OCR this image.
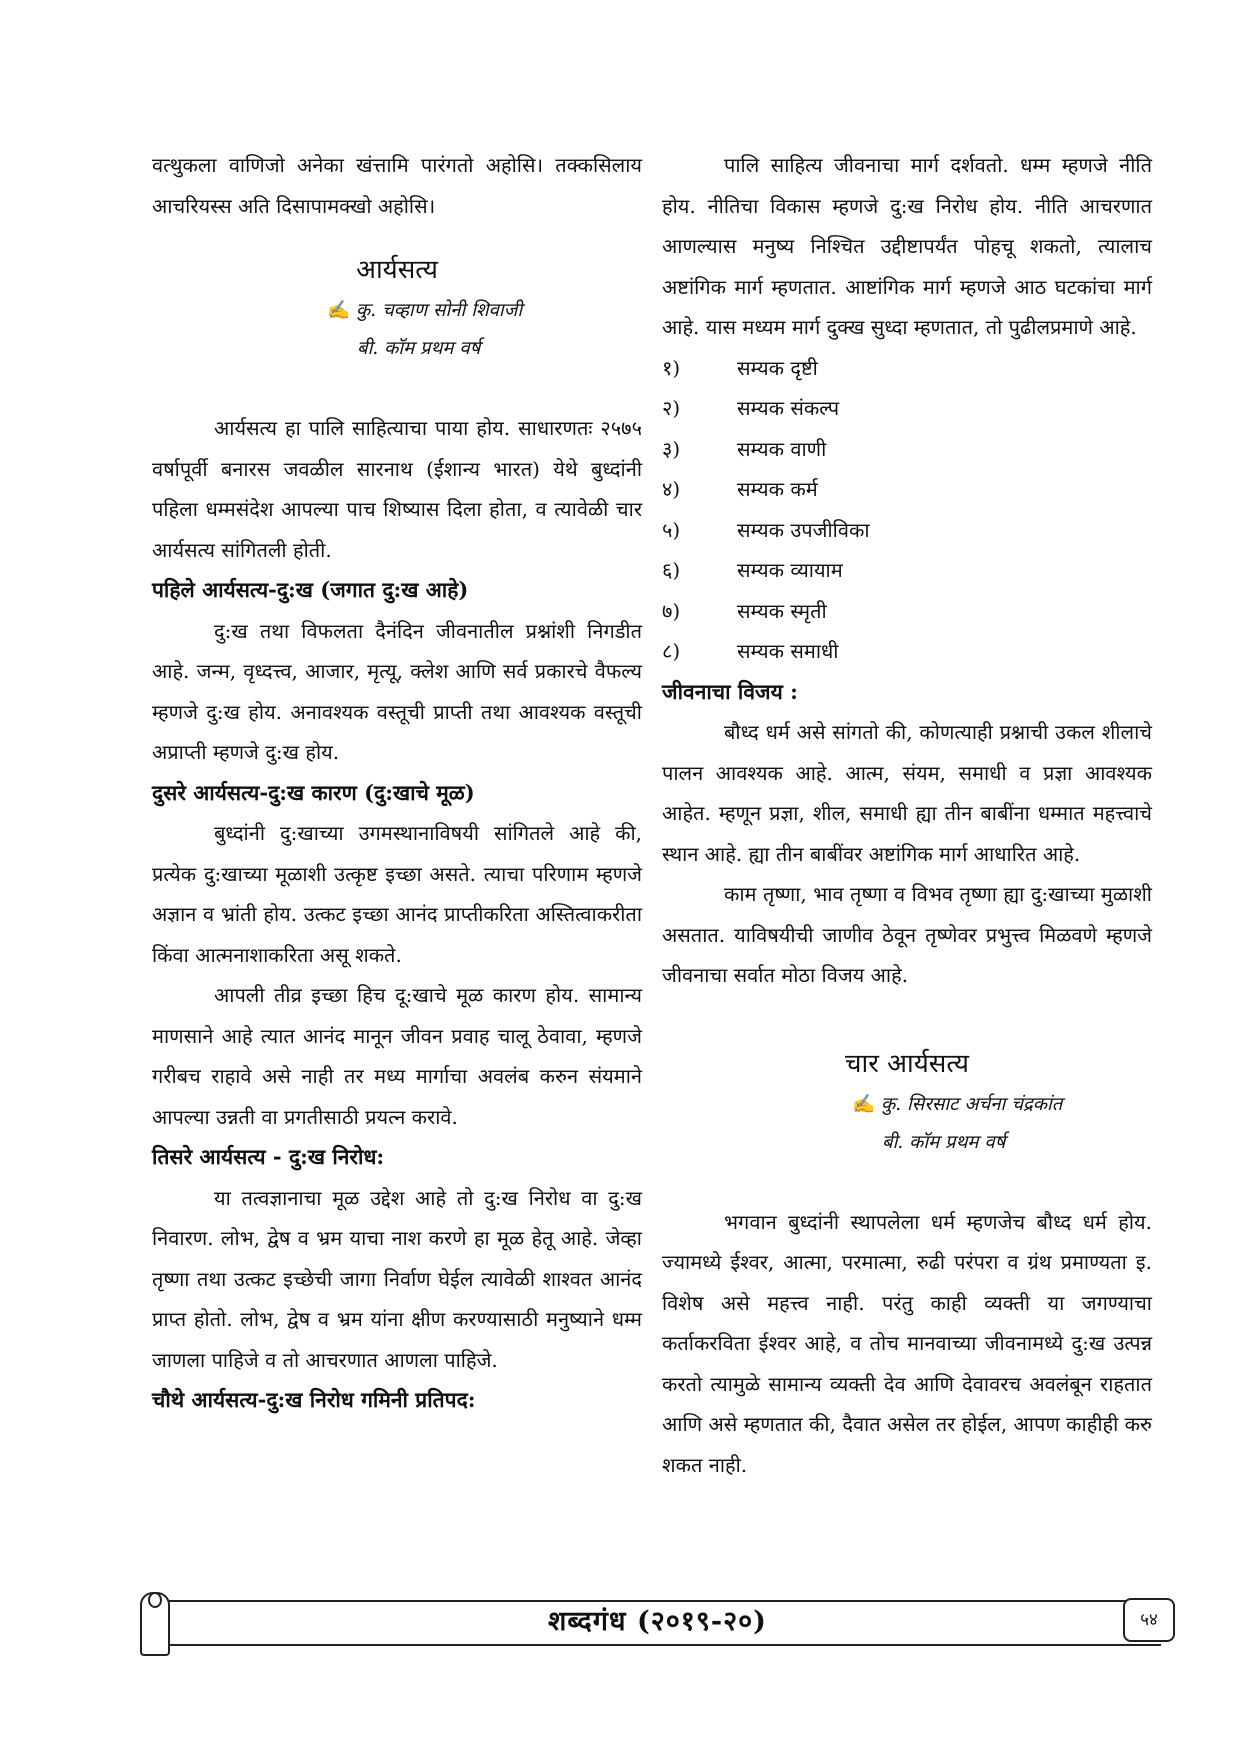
वत्थुकला वाणिजो अनेका खंत्तामि पारंगतो अहोसि। तक्कसिलाय आचरियस्स अति दिसापामक्खो अहोसि।

आर्यसत्य

✍ कु. चव्हाण सोनी शिवाजी

बी. कॉम प्रथम वर्ष

आर्यसत्य हा पालि साहित्याचा पाया होय. साधारणतः २५७५ वर्षापूर्वी बनारस जवळील सारनाथ (ईशान्य भारत) येथे बुध्दांनी पहिला धम्मसंदेश आपल्या पाच शिष्यास दिला होता, व त्यावेळी चार आर्यसत्य सांगितली होती.

पहिले आर्यसत्य-दु:ख (जगात दु:ख आहे)

दु:ख तथा विफलता दैनंदिन जीवनातील प्रश्नांशी निगडीत आहे. जन्म, वृध्दत्त्व, आजार, मृत्यू, क्लेश आणि सर्व प्रकारचे वैफल्य म्हणजे दु:ख होय. अनावश्यक वस्तूची प्राप्ती तथा आवश्यक वस्तूची अप्राप्ती म्हणजे दु:ख होय.

दुसरे आर्यसत्य-दु:ख कारण (दु:खाचे मूळ)

बुध्दांनी दु:खाच्या उगमस्थानाविषयी सांगितले आहे की, प्रत्येक दु:खाच्या मूळाशी उत्कृष्ट इच्छा असते. त्याचा परिणाम म्हणजे अज्ञान व भ्रांती होय. उत्कट इच्छा आनंद प्राप्तीकरिता अस्तित्वाकरीता किंवा आत्मनाशाकरिता असू शकते.

आपली तीव्र इच्छा हिच दू:खाचे मूळ कारण होय. सामान्य माणसाने आहे त्यात आनंद मानून जीवन प्रवाह चालू ठेवावा, म्हणजे गरीबच राहावे असे नाही तर मध्य मार्गाचा अवलंब करुन संयमाने आपल्या उन्नती वा प्रगतीसाठी प्रयत्न करावे.

तिसरे आर्यसत्य - दु:ख निरोध:

या तत्वज्ञानाचा मूळ उद्देश आहे तो दु:ख निरोध वा दु:ख निवारण. लोभ, द्वेष व भ्रम याचा नाश करणे हा मूळ हेतू आहे. जेव्हा तृष्णा तथा उत्कट इच्छेची जागा निर्वाण घेईल त्यावेळी शाश्वत आनंद प्राप्त होतो. लोभ, द्वेष व भ्रम यांना क्षीण करण्यासाठी मनुष्याने धम्म जाणला पाहिजे व तो आचरणात आणला पाहिजे.

चौथे आर्यसत्य-दु:ख निरोध गमिनी प्रतिपद:

पालि साहित्य जीवनाचा मार्ग दर्शवतो. धम्म म्हणजे नीति होय. नीतिचा विकास म्हणजे दु:ख निरोध होय. नीति आचरणात आणल्यास मनुष्य निश्चित उद्दीष्टापर्यंत पोहचू शकतो, त्यालाच अष्टांगिक मार्ग म्हणतात. आष्टांगिक मार्ग म्हणजे आठ घटकांचा मार्ग आहे. यास मध्यम मार्ग दुक्ख सुध्दा म्हणतात, तो पुढीलप्रमाणे आहे.

१)	सम्यक दृष्टी
२)	सम्यक संकल्प
३)	सम्यक वाणी
४)	सम्यक कर्म
५)	सम्यक उपजीविका
६)	सम्यक व्यायाम
७)	सम्यक स्मृती
८)	सम्यक समाधी

जीवनाचा विजय :

बौध्द धर्म असे सांगतो की, कोणत्याही प्रश्नाची उकल शीलाचे पालन आवश्यक आहे. आत्म, संयम, समाधी व प्रज्ञा आवश्यक आहेत. म्हणून प्रज्ञा, शील, समाधी ह्या तीन बाबींना धम्मात महत्त्वाचे स्थान आहे. ह्या तीन बाबींवर अष्टांगिक मार्ग आधारित आहे.

काम तृष्णा, भाव तृष्णा व विभव तृष्णा ह्या दु:खाच्या मुळाशी असतात. याविषयीची जाणीव ठेवून तृष्णेवर प्रभुत्त्व मिळवणे म्हणजे जीवनाचा सर्वात मोठा विजय आहे.

चार आर्यसत्य

✍ कु. सिरसाट अर्चना चंद्रकांत

बी. कॉम प्रथम वर्ष

भगवान बुध्दांनी स्थापलेला धर्म म्हणजेच बौध्द धर्म होय. ज्यामध्ये ईश्वर, आत्मा, परमात्मा, रुढी परंपरा व ग्रंथ प्रमाण्यता इ. विशेष असे महत्त्व नाही. परंतु काही व्यक्ती या जगण्याचा कर्ताकरविता ईश्वर आहे, व तोच मानवाच्या जीवनामध्ये दु:ख उत्पन्न करतो त्यामुळे सामान्य व्यक्ती देव आणि देवावरच अवलंबून राहतात आणि असे म्हणतात की, दैवात असेल तर होईल, आपण काहीही करु शकत नाही.

शब्दगंध (२०१९-२०)	५४
